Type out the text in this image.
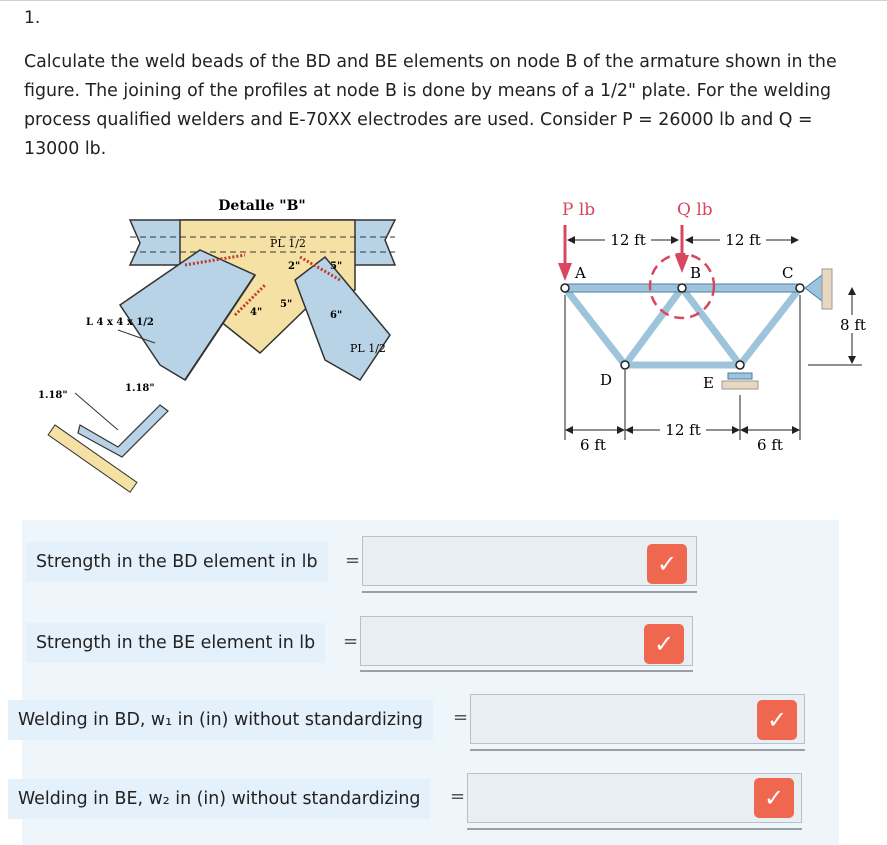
1.
Calculate the weld beads of the BD and BE elements on node B of the armature shown in the figure. The joining of the profiles at node B is done by means of a 1/2" plate. For the welding process qualified welders and E-70XX electrodes are used. Consider P = 26000 lb and Q = 13000 lb.
Detalle "B"
PL 1/2
2"	5"
5"
4"	6"
PL 1/2
L 4 x 4 x 1/2
1.18"
1.18"
P lb	Q lb
12 ft	12 ft
A	B	C
D	E
8 ft
6 ft
12 ft
6 ft
Strength in the BD element in lb	=	✓
Strength in the BE element in lb	=	✓
Welding in BD, w₁ in (in) without standardizing	=	✓
Welding in BE, w₂ in (in) without standardizing	=	✓
